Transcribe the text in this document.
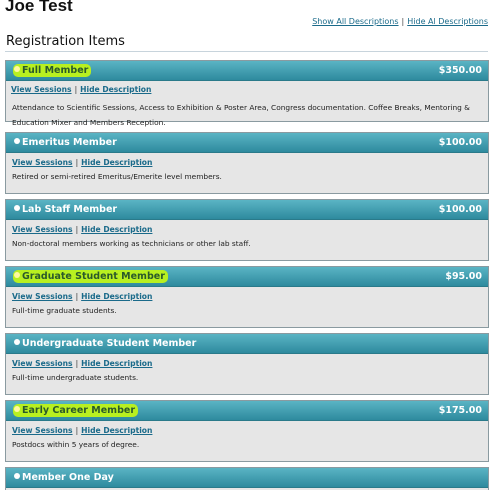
Joe Test
Show All Descriptions | Hide Al Descriptions
Registration Items
Full Member	$350.00
View Sessions | Hide Description
Attendance to Scientific Sessions, Access to Exhibition & Poster Area, Congress documentation. Coffee Breaks, Mentoring & Education Mixer and Members Reception.
Emeritus Member	$100.00
View Sessions | Hide Description
Retired or semi-retired Emeritus/Emerite level members.
Lab Staff Member	$100.00
View Sessions | Hide Description
Non-doctoral members working as technicians or other lab staff.
Graduate Student Member	$95.00
View Sessions | Hide Description
Full-time graduate students.
Undergraduate Student Member
View Sessions | Hide Description
Full-time undergraduate students.
Early Career Member	$175.00
View Sessions | Hide Description
Postdocs within 5 years of degree.
Member One Day
